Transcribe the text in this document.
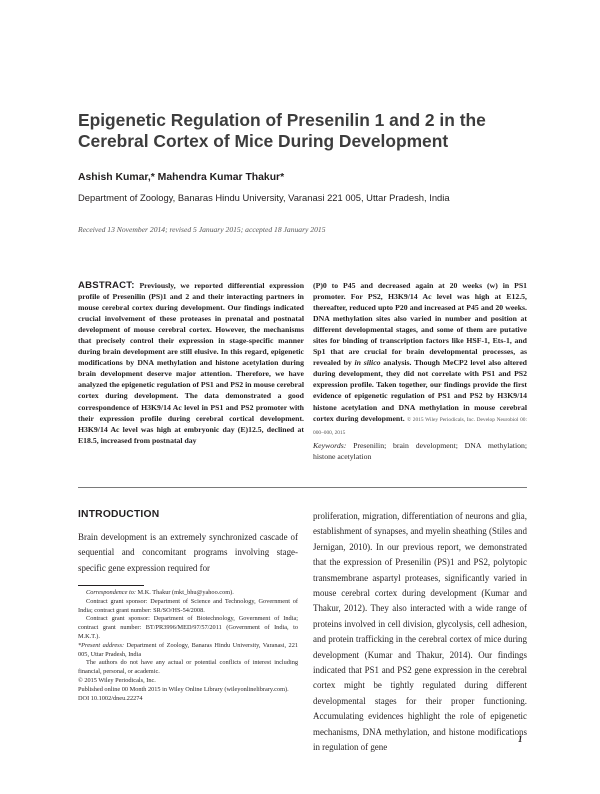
Epigenetic Regulation of Presenilin 1 and 2 in the Cerebral Cortex of Mice During Development
Ashish Kumar,* Mahendra Kumar Thakur*
Department of Zoology, Banaras Hindu University, Varanasi 221 005, Uttar Pradesh, India
Received 13 November 2014; revised 5 January 2015; accepted 18 January 2015
ABSTRACT: Previously, we reported differential expression profile of Presenilin (PS)1 and 2 and their interacting partners in mouse cerebral cortex during development. Our findings indicated crucial involvement of these proteases in prenatal and postnatal development of mouse cerebral cortex. However, the mechanisms that precisely control their expression in stage-specific manner during brain development are still elusive. In this regard, epigenetic modifications by DNA methylation and histone acetylation during brain development deserve major attention. Therefore, we have analyzed the epigenetic regulation of PS1 and PS2 in mouse cerebral cortex during development. The data demonstrated a good correspondence of H3K9/14 Ac level in PS1 and PS2 promoter with their expression profile during cerebral cortical development. H3K9/14 Ac level was high at embryonic day (E)12.5, declined at E18.5, increased from postnatal day
(P)0 to P45 and decreased again at 20 weeks (w) in PS1 promoter. For PS2, H3K9/14 Ac level was high at E12.5, thereafter, reduced upto P20 and increased at P45 and 20 weeks. DNA methylation sites also varied in number and position at different developmental stages, and some of them are putative sites for binding of transcription factors like HSF-1, Ets-1, and Sp1 that are crucial for brain developmental processes, as revealed by in silico analysis. Though MeCP2 level also altered during development, they did not correlate with PS1 and PS2 expression profile. Taken together, our findings provide the first evidence of epigenetic regulation of PS1 and PS2 by H3K9/14 histone acetylation and DNA methylation in mouse cerebral cortex during development. © 2015 Wiley Periodicals, Inc. Develop Neurobiol 00: 000–000, 2015
Keywords: Presenilin; brain development; DNA methylation; histone acetylation
INTRODUCTION
Brain development is an extremely synchronized cascade of sequential and concomitant programs involving stage-specific gene expression required for
proliferation, migration, differentiation of neurons and glia, establishment of synapses, and myelin sheathing (Stiles and Jernigan, 2010). In our previous report, we demonstrated that the expression of Presenilin (PS)1 and PS2, polytopic transmembrane aspartyl proteases, significantly varied in mouse cerebral cortex during development (Kumar and Thakur, 2012). They also interacted with a wide range of proteins involved in cell division, glycolysis, cell adhesion, and protein trafficking in the cerebral cortex of mice during development (Kumar and Thakur, 2014). Our findings indicated that PS1 and PS2 gene expression in the cerebral cortex might be tightly regulated during different developmental stages for their proper functioning. Accumulating evidences highlight the role of epigenetic mechanisms, DNA methylation, and histone modifications in regulation of gene

Correspondence to: M.K. Thakur (mkt_bhu@yahoo.com).

Contract grant sponsor: Department of Science and Technology, Government of India; contract grant number: SR/SO/HS-54/2008.

Contract grant sponsor: Department of Biotechnology, Government of India; contract grant number: BT/PR3996/MED/97/57/2011 (Government of India, to M.K.T.).

*Present address: Department of Zoology, Banaras Hindu University, Varanasi, 221 005, Uttar Pradesh, India

The authors do not have any actual or potential conflicts of interest including financial, personal, or academic.

© 2015 Wiley Periodicals, Inc.

Published online 00 Month 2015 in Wiley Online Library (wileyonlinelibrary.com).

DOI 10.1002/dneu.22274

1
